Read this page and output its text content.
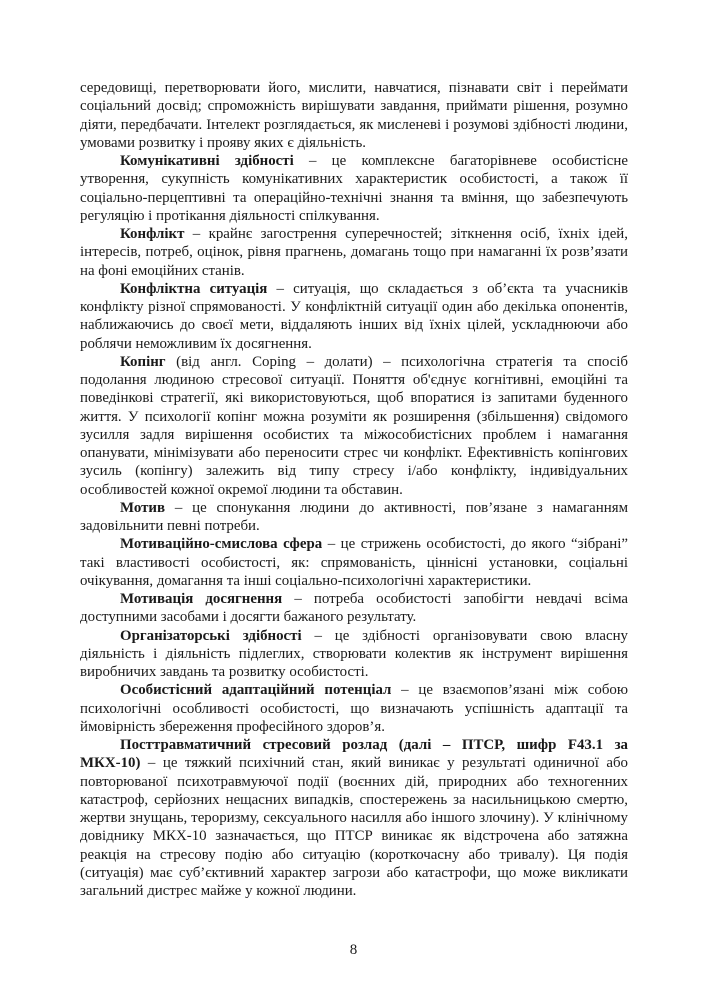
середовищі, перетворювати його, мислити, навчатися, пізнавати світ і переймати соціальний досвід; спроможність вирішувати завдання, приймати рішення, розумно діяти, передбачати. Інтелект розглядається, як мисленеві і розумові здібності людини, умовами розвитку і прояву яких є діяльність.

Комунікативні здібності – це комплексне багаторівневе особистісне утворення, сукупність комунікативних характеристик особистості, а також її соціально-перцептивні та операційно-технічні знання та вміння, що забезпечують регуляцію і протікання діяльності спілкування.

Конфлікт – крайнє загострення суперечностей; зіткнення осіб, їхніх ідей, інтересів, потреб, оцінок, рівня прагнень, домагань тощо при намаганні їх розв’язати на фоні емоційних станів.

Конфліктна ситуація – ситуація, що складається з об’єкта та учасників конфлікту різної спрямованості. У конфліктній ситуації один або декілька опонентів, наближаючись до своєї мети, віддаляють інших від їхніх цілей, ускладнюючи або роблячи неможливим їх досягнення.

Копінг (від англ. Coping – долати) – психологічна стратегія та спосіб подолання людиною стресової ситуації. Поняття об'єднує когнітивні, емоційні та поведінкові стратегії, які використовуються, щоб впоратися із запитами буденного життя. У психології копінг можна розуміти як розширення (збільшення) свідомого зусилля задля вирішення особистих та міжособистісних проблем і намагання опанувати, мінімізувати або переносити стрес чи конфлікт. Ефективність копінгових зусиль (копінгу) залежить від типу стресу і/або конфлікту, індивідуальних особливостей кожної окремої людини та обставин.

Мотив – це спонукання людини до активності, пов’язане з намаганням задовільнити певні потреби.

Мотиваційно-смислова сфера – це стрижень особистості, до якого “зібрані” такі властивості особистості, як: спрямованість, ціннісні установки, соціальні очікування, домагання та інші соціально-психологічні характеристики.

Мотивація досягнення – потреба особистості запобігти невдачі всіма доступними засобами і досягти бажаного результату.

Організаторські здібності – це здібності організовувати свою власну діяльність і діяльність підлеглих, створювати колектив як інструмент вирішення виробничих завдань та розвитку особистості.

Особистісний адаптаційний потенціал – це взаємопов’язані між собою психологічні особливості особистості, що визначають успішність адаптації та ймовірність збереження професійного здоров’я.

Посттравматичний стресовий розлад (далі – ПТСР, шифр F43.1 за МКХ-10) – це тяжкий психічний стан, який виникає у результаті одиничної або повторюваної психотравмуючої події (воєнних дій, природних або техногенних катастроф, серйозних нещасних випадків, спостережень за насильницькою смертю, жертви знущань, тероризму, сексуального насилля або іншого злочину). У клінічному довіднику МКХ-10 зазначається, що ПТСР виникає як відстрочена або затяжна реакція на стресову подію або ситуацію (короткочасну або тривалу). Ця подія (ситуація) має суб’єктивний характер загрози або катастрофи, що може викликати загальний дистрес майже у кожної людини.

8
